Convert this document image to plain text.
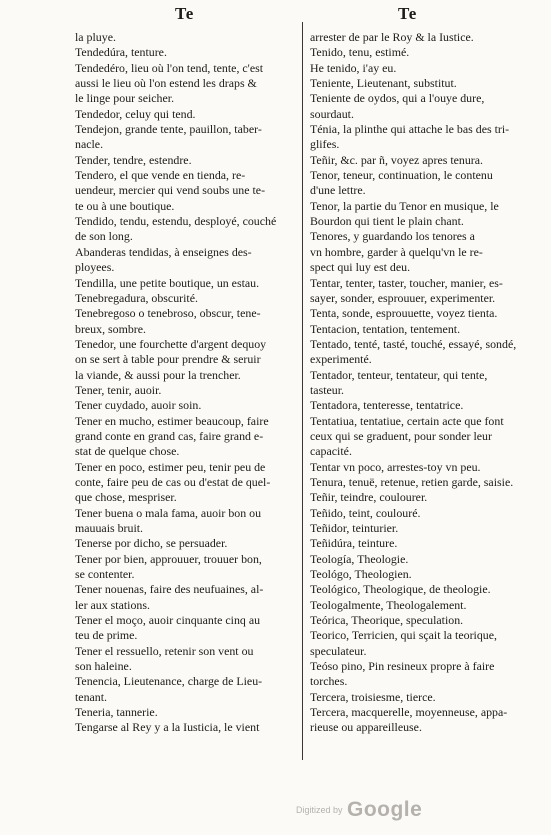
Te	Te
la pluye.
Tendedúra, tenture.
Tendedéro, lieu où l'on tend, tente, c'est
aussi le lieu où l'on estend les draps &
le linge pour seicher.
Tendedor, celuy qui tend.
Tendejon, grande tente, pauillon, taber-
nacle.
Tender, tendre, estendre.
Tendero, el que vende en tienda, re-
uendeur, mercier qui vend soubs une te-
te ou à une boutique.
Tendido, tendu, estendu, desployé, couché
de son long.
Abanderas tendidas, à enseignes des-
ployees.
Tendilla, une petite boutique, un estau.
Tenebregadura, obscurité.
Tenebregoso o tenebroso, obscur, tene-
breux, sombre.
Tenedor, une fourchette d'argent dequoy
on se sert à table pour prendre & seruir
la viande, & aussi pour la trencher.
Tener, tenir, auoir.
Tener cuydado, auoir soin.
Tener en mucho, estimer beaucoup, faire
grand conte en grand cas, faire grand e-
stat de quelque chose.
Tener en poco, estimer peu, tenir peu de
conte, faire peu de cas ou d'estat de quel-
que chose, mespriser.
Tener buena o mala fama, auoir bon ou
mauuais bruit.
Tenerse por dicho, se persuader.
Tener por bien, approuuer, trouuer bon,
se contenter.
Tener nouenas, faire des neufuaines, al-
ler aux stations.
Tener el moço, auoir cinquante cinq au
teu de prime.
Tener el ressuello, retenir son vent ou
son haleine.
Tenencia, Lieutenance, charge de Lieu-
tenant.
Teneria, tannerie.
Tengarse al Rey y a la Iusticia, le vient
arrester de par le Roy & la Iustice.
Tenido, tenu, estimé.
He tenido, i'ay eu.
Teniente, Lieutenant, substitut.
Teniente de oydos, qui a l'ouye dure,
sourdaut.
Ténia, la plinthe qui attache le bas des tri-
glifes.
Teñir, &c. par ñ, voyez apres tenura.
Tenor, teneur, continuation, le contenu
d'une lettre.
Tenor, la partie du Tenor en musique, le
Bourdon qui tient le plain chant.
Tenores, y guardando los tenores a
vn hombre, garder à quelqu'vn le re-
spect qui luy est deu.
Tentar, tenter, taster, toucher, manier, es-
sayer, sonder, esprouuer, experimenter.
Tenta, sonde, esprouuette, voyez tienta.
Tentacion, tentation, tentement.
Tentado, tenté, tasté, touché, essayé, sondé,
experimenté.
Tentador, tenteur, tentateur, qui tente,
tasteur.
Tentadora, tenteresse, tentatrice.
Tentatiua, tentatiue, certain acte que font
ceux qui se graduent, pour sonder leur
capacité.
Tentar vn poco, arrestes-toy vn peu.
Tenura, tenuë, retenue, retien garde, saisie.
Teñir, teindre, coulourer.
Teñido, teint, coulouré.
Teñidor, teinturier.
Teñidúra, teinture.
Teología, Theologie.
Teológo, Theologien.
Teológico, Theologique, de theologie.
Teologalmente, Theologalement.
Teórica, Theorique, speculation.
Teorico, Terricien, qui sçait la teorique,
speculateur.
Teóso pino, Pin resineux propre à faire
torches.
Tercera, troisiesme, tierce.
Tercera, macquerelle, moyenneuse, appa-
rieuse ou appareilleuse.
Digitized by Google
